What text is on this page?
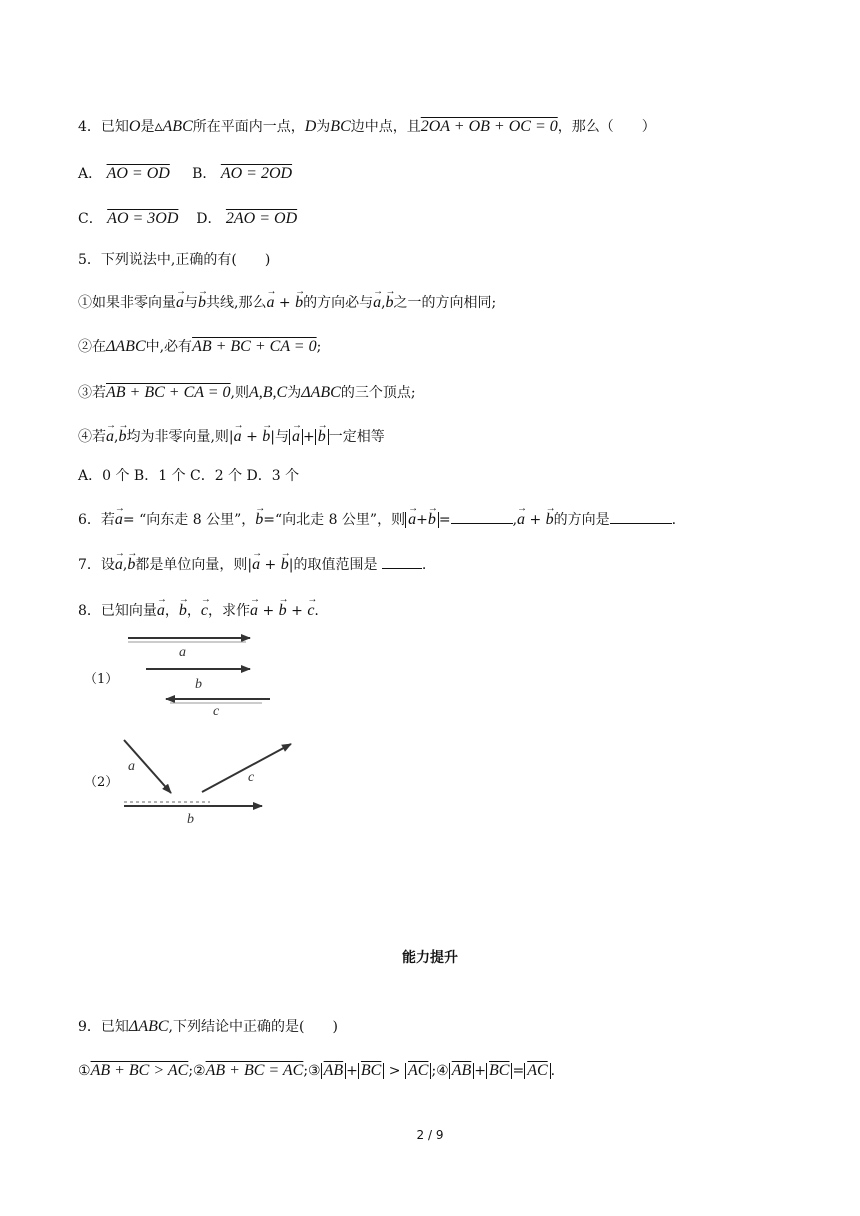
4．已知O是▵ABC所在平面内一点，D为BC边中点，且2OA + OB + OC = 0，那么（　　）
A． AO = OD B． AO = 2OD
C． AO = 3OD D． 2AO = OD
5．下列说法中,正确的有(　　)
①如果非零向量→ a与→ b共线,那么→ a + → b的方向必与→ a,→ b之一的方向相同;
②在ΔABC中,必有AB + BC + CA = 0;
③若AB + BC + CA = 0,则A,B,C为ΔABC的三个顶点;
④若→ a,→ b均为非零向量,则|→ a + → b|与 → a + → b 一定相等
A．0 个 B．1 个 C．2 个 D．3 个
6．若→ a= “向东走 8 公里”，→ b=“向北走 8 公里”，则 → a+→ b =	,→ a + → b的方向是	.
7．设→ a,→ b都是单位向量，则|→ a + → b|的取值范围是	.
8．已知向量→ a，→ b，→ c，求作→ a + → b + → c.
（1）
（2）
a
b
c
a
c
b
能力提升
9．已知ΔABC,下列结论中正确的是(　　)
①AB + BC > AC;②AB + BC = AC;③ $\overline{AB} + \overline{BC} > \overline{AC}$ ;④ $\overline{AB} + \overline{BC} = \overline{AC}$ .
2 / 9
